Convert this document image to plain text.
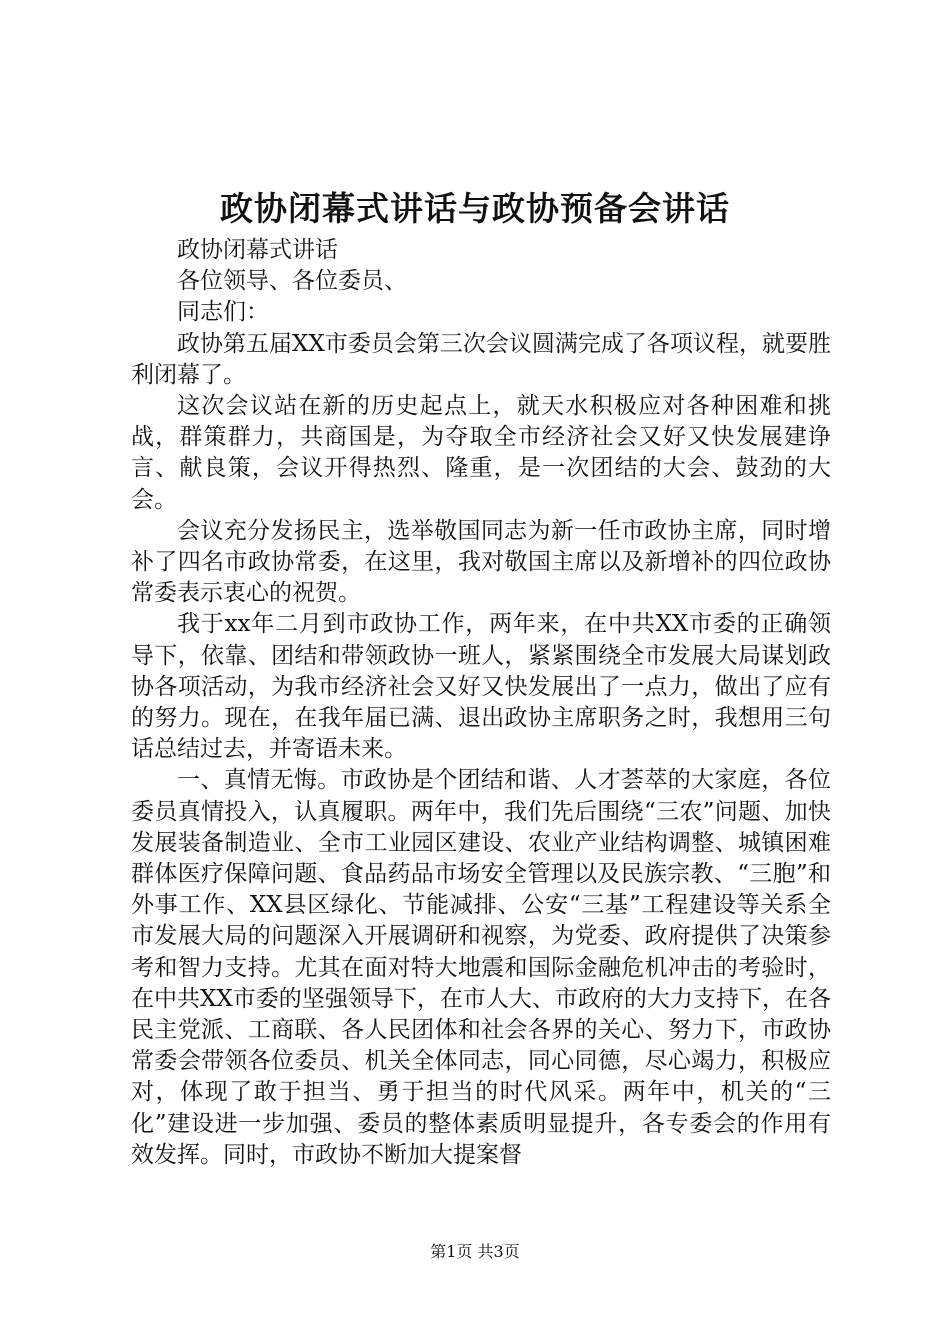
政协闭幕式讲话与政协预备会讲话

政协闭幕式讲话

各位领导、各位委员、

同志们：

政协第五届XX市委员会第三次会议圆满完成了各项议程，就要胜利闭幕了。

这次会议站在新的历史起点上，就天水积极应对各种困难和挑战，群策群力，共商国是，为夺取全市经济社会又好又快发展建诤言、献良策，会议开得热烈、隆重，是一次团结的大会、鼓劲的大会。

会议充分发扬民主，选举敬国同志为新一任市政协主席，同时增补了四名市政协常委，在这里，我对敬国主席以及新增补的四位政协常委表示衷心的祝贺。

我于xx年二月到市政协工作，两年来，在中共XX市委的正确领导下，依靠、团结和带领政协一班人，紧紧围绕全市发展大局谋划政协各项活动，为我市经济社会又好又快发展出了一点力，做出了应有的努力。现在，在我年届已满、退出政协主席职务之时，我想用三句话总结过去，并寄语未来。

一、真情无悔。市政协是个团结和谐、人才荟萃的大家庭，各位委员真情投入，认真履职。两年中，我们先后围绕“三农”问题、加快发展装备制造业、全市工业园区建设、农业产业结构调整、城镇困难群体医疗保障问题、食品药品市场安全管理以及民族宗教、“三胞”和外事工作、XX县区绿化、节能减排、公安“三基”工程建设等关系全市发展大局的问题深入开展调研和视察，为党委、政府提供了决策参考和智力支持。尤其在面对特大地震和国际金融危机冲击的考验时，在中共XX市委的坚强领导下，在市人大、市政府的大力支持下，在各民主党派、工商联、各人民团体和社会各界的关心、努力下，市政协常委会带领各位委员、机关全体同志，同心同德，尽心竭力，积极应对，体现了敢于担当、勇于担当的时代风采。两年中，机关的“三化”建设进一步加强、委员的整体素质明显提升，各专委会的作用有效发挥。同时，市政协不断加大提案督

第1页 共3页
